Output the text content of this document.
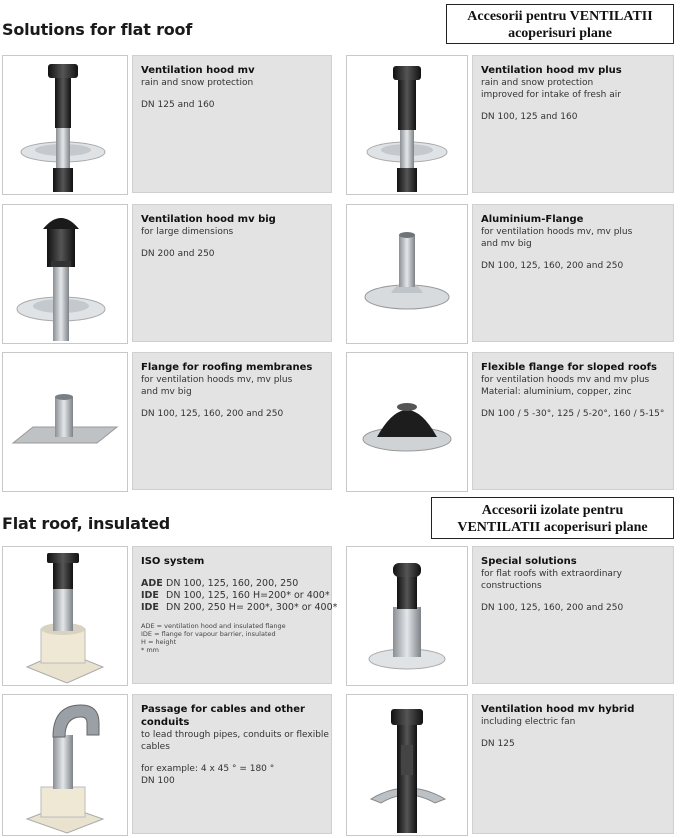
Solutions for flat roof
Accesorii pentru VENTILATII
acoperisuri plane
Ventilation hood mv
rain and snow protection
DN 125 and 160
Ventilation hood mv plus
rain and snow protection
improved for intake of fresh air
DN 100, 125 and 160
Ventilation hood mv big
for large dimensions
DN 200 and 250
Aluminium-Flange
for ventilation hoods mv, mv plus
and mv big
DN 100, 125, 160, 200 and 250
Flange for roofing membranes
for ventilation hoods mv, mv plus
and mv big
DN 100, 125, 160, 200 and 250
Flexible flange for sloped roofs
for ventilation hoods mv and mv plus
Material: aluminium, copper, zinc
DN 100 / 5 -30°, 125 / 5-20°, 160 / 5-15°
Flat roof, insulated
Accesorii izolate pentru
VENTILATII acoperisuri plane
ISO system
ADE DN 100, 125, 160, 200, 250
IDE DN 100, 125, 160 H=200* or 400*
IDE DN 200, 250 H= 200*, 300* or 400*
ADE = ventilation hood and insulated flange
IDE = flange for vapour barrier, insulated
H = height
* mm
Special solutions
for flat roofs with extraordinary
constructions
DN 100, 125, 160, 200 and 250
Passage for cables and other
conduits
to lead through pipes, conduits or flexible
cables
for example: 4 x 45 ° = 180 °
DN 100
Ventilation hood mv hybrid
including electric fan
DN 125
